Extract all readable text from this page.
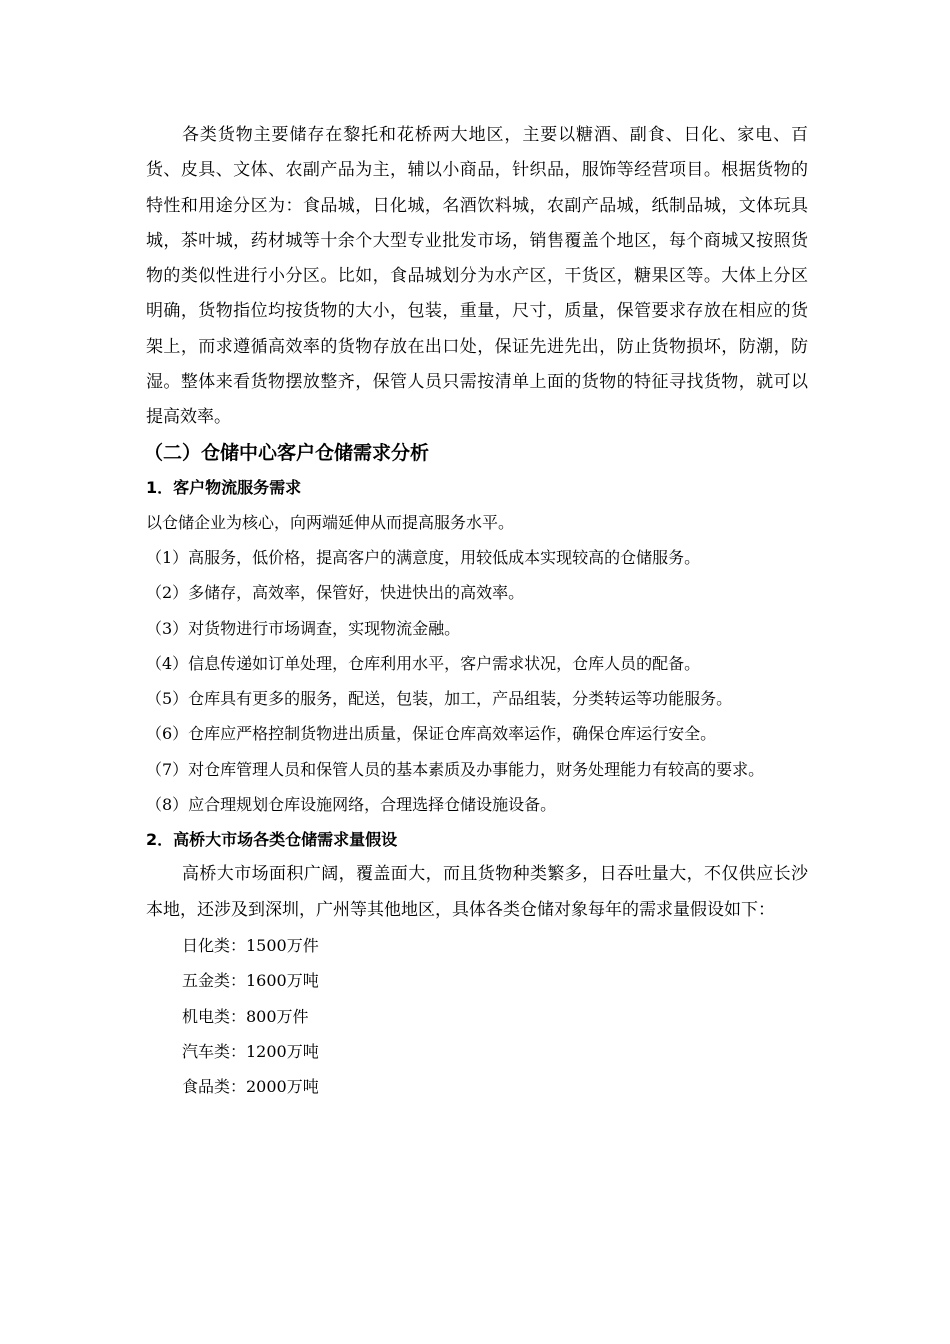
各类货物主要储存在黎托和花桥两大地区，主要以糖酒、副食、日化、家电、百货、皮具、文体、农副产品为主，辅以小商品，针织品，服饰等经营项目。根据货物的特性和用途分区为：食品城，日化城，名酒饮料城，农副产品城，纸制品城，文体玩具城，茶叶城，药材城等十余个大型专业批发市场，销售覆盖个地区，每个商城又按照货物的类似性进行小分区。比如，食品城划分为水产区，干货区，糖果区等。大体上分区明确，货物指位均按货物的大小，包装，重量，尺寸，质量，保管要求存放在相应的货架上，而求遵循高效率的货物存放在出口处，保证先进先出，防止货物损坏，防潮，防湿。整体来看货物摆放整齐，保管人员只需按清单上面的货物的特征寻找货物，就可以提高效率。

（二）仓储中心客户仓储需求分析

1．客户物流服务需求

以仓储企业为核心，向两端延伸从而提高服务水平。

（1）高服务，低价格，提高客户的满意度，用较低成本实现较高的仓储服务。

（2）多储存，高效率，保管好，快进快出的高效率。

（3）对货物进行市场调查，实现物流金融。

（4）信息传递如订单处理，仓库利用水平，客户需求状况，仓库人员的配备。

（5）仓库具有更多的服务，配送，包装，加工，产品组装，分类转运等功能服务。

（6）仓库应严格控制货物进出质量，保证仓库高效率运作，确保仓库运行安全。

（7）对仓库管理人员和保管人员的基本素质及办事能力，财务处理能力有较高的要求。

（8）应合理规划仓库设施网络，合理选择仓储设施设备。

2．高桥大市场各类仓储需求量假设

高桥大市场面积广阔，覆盖面大，而且货物种类繁多，日吞吐量大，不仅供应长沙本地，还涉及到深圳，广州等其他地区，具体各类仓储对象每年的需求量假设如下：

日化类：1500万件

五金类：1600万吨

机电类：800万件

汽车类：1200万吨

食品类：2000万吨
